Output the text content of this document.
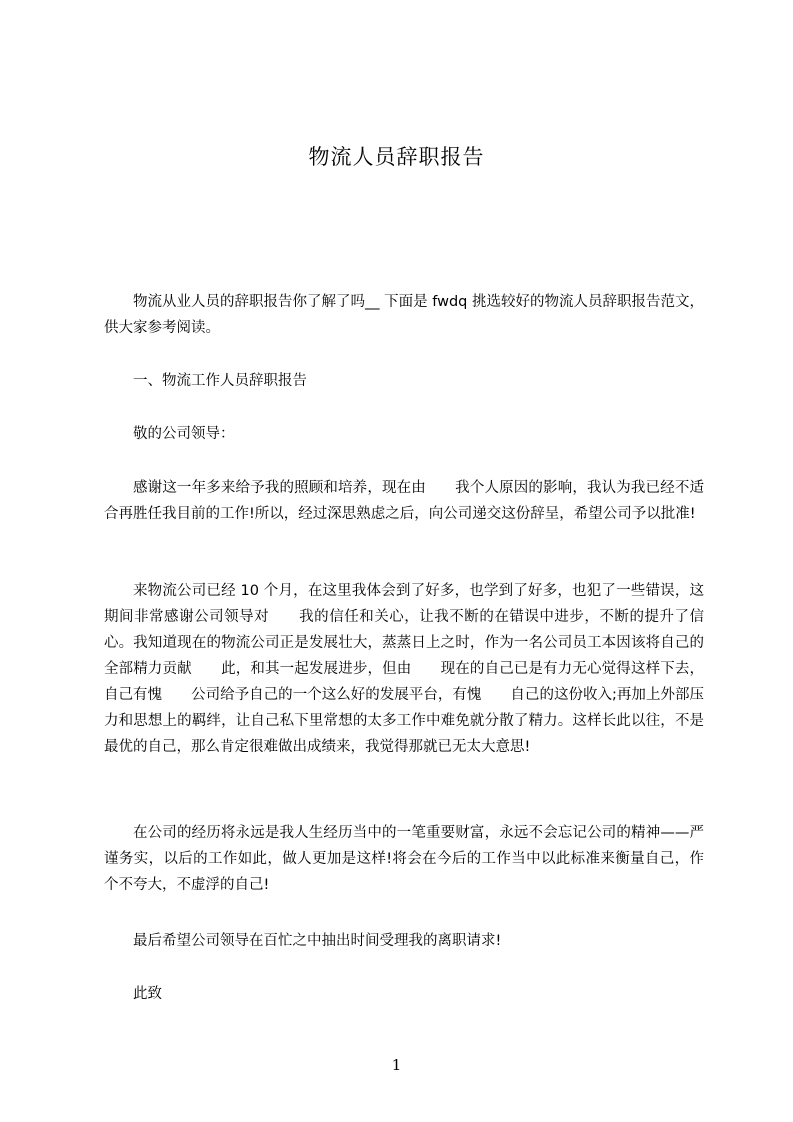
物流人员辞职报告

物流从业人员的辞职报告你了解了吗__ 下面是 fwdq 挑选较好的物流人员辞职报告范文，供大家参考阅读。

一、物流工作人员辞职报告
敬的公司领导：

感谢这一年多来给予我的照顾和培养，现在由　　我个人原因的影响，我认为我已经不适合再胜任我目前的工作!所以，经过深思熟虑之后，向公司递交这份辞呈，希望公司予以批准!

来物流公司已经 10 个月，在这里我体会到了好多，也学到了好多，也犯了一些错误，这期间非常感谢公司领导对　　我的信任和关心，让我不断的在错误中进步，不断的提升了信心。我知道现在的物流公司正是发展壮大，蒸蒸日上之时，作为一名公司员工本因该将自己的全部精力贡献　　此，和其一起发展进步，但由　　现在的自己已是有力无心觉得这样下去，自己有愧　　公司给予自己的一个这么好的发展平台，有愧　　自己的这份收入;再加上外部压力和思想上的羁绊，让自己私下里常想的太多工作中难免就分散了精力。这样长此以往，不是最优的自己，那么肯定很难做出成绩来，我觉得那就已无太大意思!

在公司的经历将永远是我人生经历当中的一笔重要财富，永远不会忘记公司的精神——严谨务实，以后的工作如此，做人更加是这样!将会在今后的工作当中以此标准来衡量自己，作个不夸大，不虚浮的自己!

最后希望公司领导在百忙之中抽出时间受理我的离职请求!
此致
1
